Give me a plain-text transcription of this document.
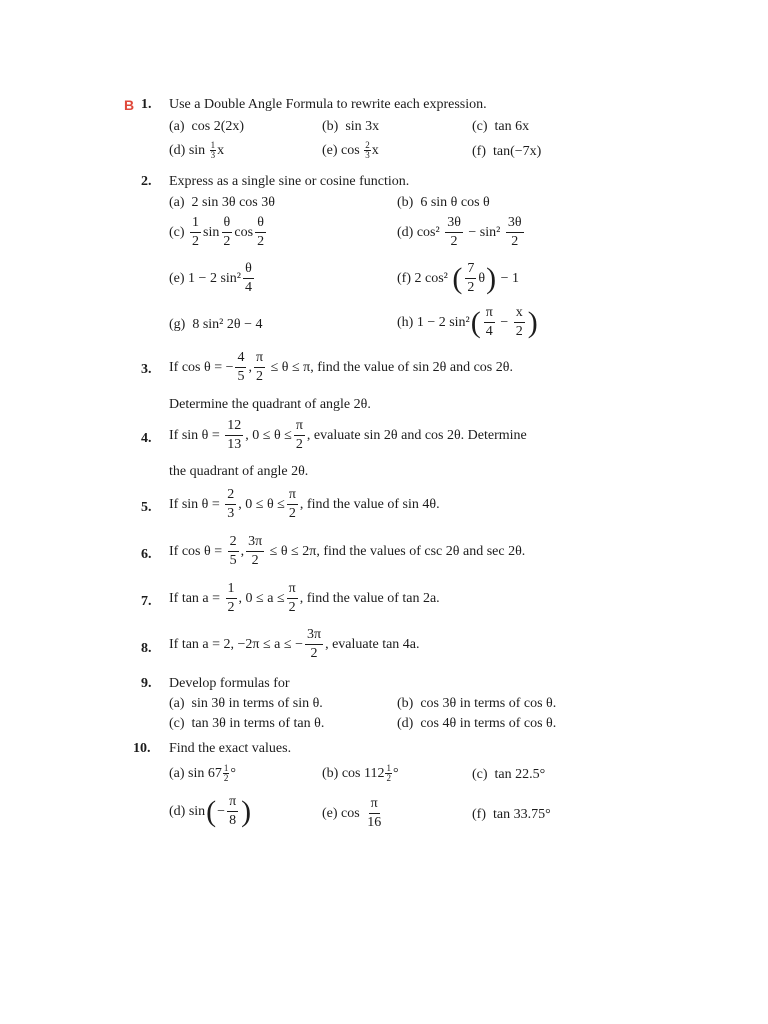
B 1. Use a Double Angle Formula to rewrite each expression.
(a) cos 2(2x)	(b) sin 3x	(c) tan 6x
(d)
sin
1
3 x	(e)
cos
2
3 x	(f) tan(−7x)
2. Express as a single sine or cosine function.
(a) 2 sin 3θ cos 3θ	(b) 6 sin θ cos θ
(c)
$\frac{1}{2}$ $\sin \frac{\theta}{2}$ $\cos \frac{\theta}{2}$	(d)
cos²
$\frac{3\theta}{2}$
− sin²
$\frac{3\theta}{2}$
(e)
1 − 2 $\sin^2 \frac{\theta}{4}$	(f)
2 cos²
( $\frac{7}{2}$ θ )
− 1
(g) 8 sin² 2θ − 4	(h)
1 − 2 sin² ( $\frac{\pi}{4}$
−
$\frac{x}{2}$ )
3. If cos θ = − $\frac{4}{5}$ , $\frac{\pi}{2}$
≤ θ ≤ π, find the value of sin 2θ and cos 2θ.
Determine the quadrant of angle 2θ.
4. If sin θ =
$\frac{12}{13}$ , $0 \le \theta \le \frac{\pi}{2}$ , evaluate sin 2θ and cos 2θ. Determine
the quadrant of angle 2θ.
5. If sin θ =
$\frac{2}{3}$ , $0 \le \theta \le \frac{\pi}{2}$ , find the value of sin 4θ.
6. If cos θ =
$\frac{2}{5}$ , $\frac{3\pi}{2}$
≤ θ ≤ 2π, find the values of csc 2θ and sec 2θ.
7. If tan a =
$\frac{1}{2}$ , $0 \le a \le \frac{\pi}{2}$ , find the value of tan 2a.
8. If tan a = 2, −2π ≤ a ≤ − $\frac{3\pi}{2}$ , evaluate tan 4a.
9. Develop formulas for
(a) sin 3θ in terms of sin θ.	(b) cos 3θ in terms of cos θ.
(c) tan 3θ in terms of tan θ.	(d) cos 4θ in terms of cos θ.
10. Find the exact values.
(a)
sin 67 1
2 °	(b)
cos 112 1
2 °	(c) tan 22.5°
(d)
sin ( − $\frac{\pi}{8}$ )	(e)
cos
$\frac{\pi}{16}$	(f) tan 33.75°
